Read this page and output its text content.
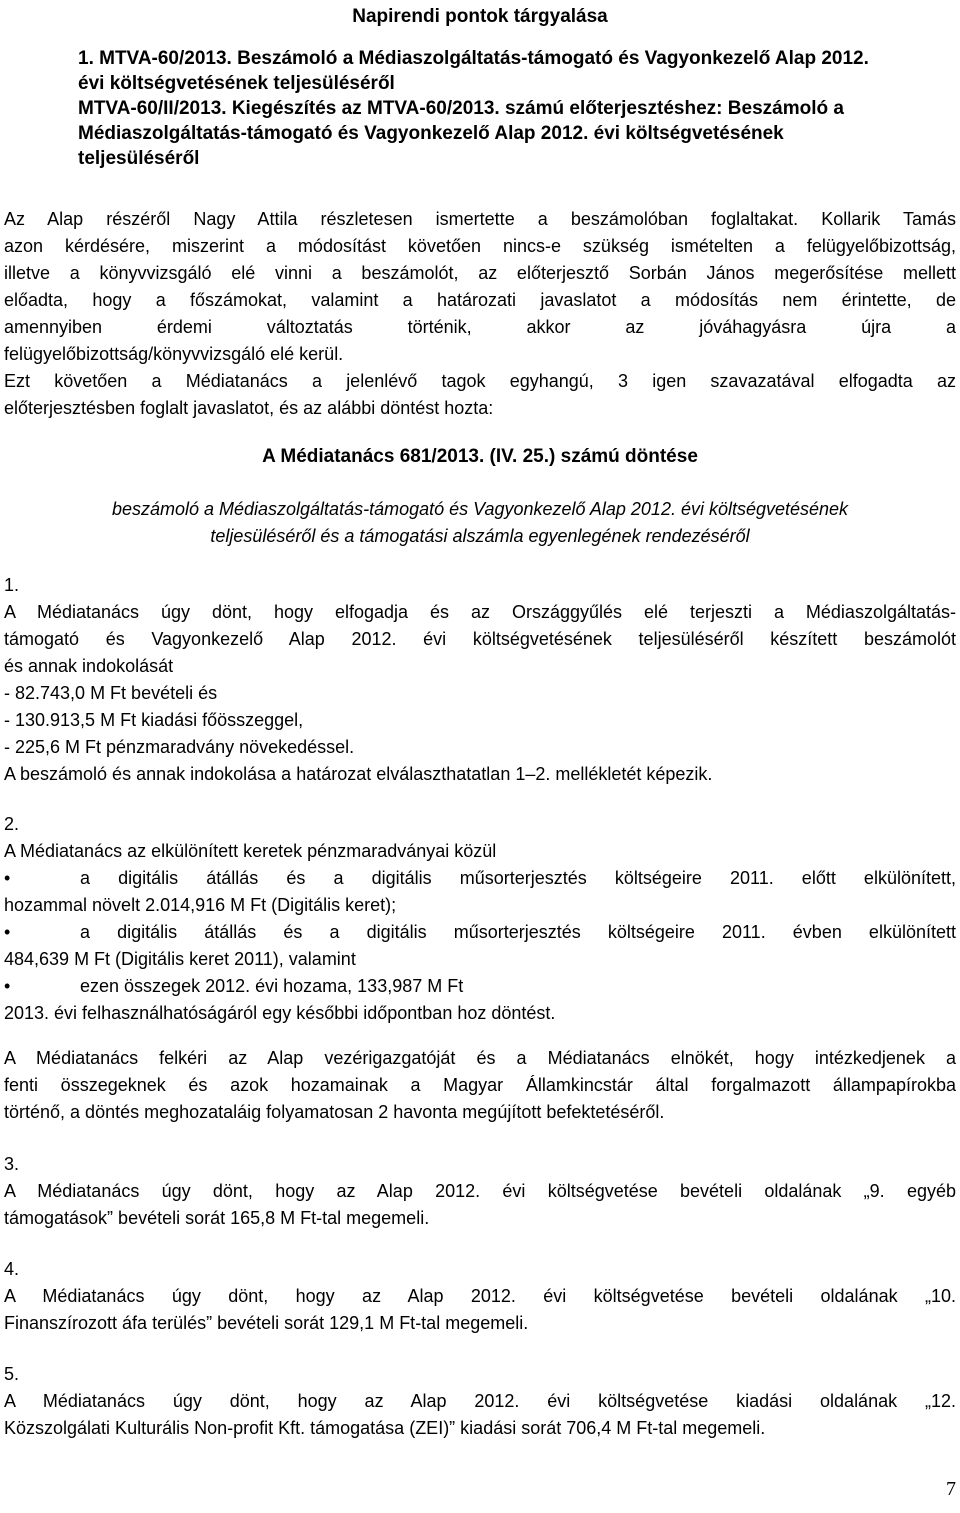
Napirendi pontok tárgyalása
1. MTVA-60/2013. Beszámoló a Médiaszolgáltatás-támogató és Vagyonkezelő Alap 2012.
évi költségvetésének teljesüléséről
MTVA-60/II/2013. Kiegészítés az MTVA-60/2013. számú előterjesztéshez: Beszámoló a
Médiaszolgáltatás-támogató és Vagyonkezelő Alap 2012. évi költségvetésének
teljesüléséről
Az Alap részéről Nagy Attila részletesen ismertette a beszámolóban foglaltakat. Kollarik Tamás
azon kérdésére, miszerint a módosítást követően nincs-e szükség ismételten a felügyelőbizottság,
illetve a könyvvizsgáló elé vinni a beszámolót, az előterjesztő Sorbán János megerősítése mellett
előadta, hogy a főszámokat, valamint a határozati javaslatot a módosítás nem érintette, de
amennyiben érdemi változtatás történik, akkor az jóváhagyásra újra a
felügyelőbizottság/könyvvizsgáló elé kerül.
Ezt követően a Médiatanács a jelenlévő tagok egyhangú, 3 igen szavazatával elfogadta az
előterjesztésben foglalt javaslatot, és az alábbi döntést hozta:
A Médiatanács 681/2013. (IV. 25.) számú döntése
beszámoló a Médiaszolgáltatás-támogató és Vagyonkezelő Alap 2012. évi költségvetésének
teljesüléséről és a támogatási alszámla egyenlegének rendezéséről
1.
A Médiatanács úgy dönt, hogy elfogadja és az Országgyűlés elé terjeszti a Médiaszolgáltatás-
támogató és Vagyonkezelő Alap 2012. évi költségvetésének teljesüléséről készített beszámolót
és annak indokolását
- 82.743,0 M Ft bevételi és
- 130.913,5 M Ft kiadási főösszeggel,
- 225,6 M Ft pénzmaradvány növekedéssel.
A beszámoló és annak indokolása a határozat elválaszthatatlan 1–2. mellékletét képezik.
2.
A Médiatanács az elkülönített keretek pénzmaradványai közül
•	a digitális átállás és a digitális műsorterjesztés költségeire 2011. előtt elkülönített,
hozammal növelt 2.014,916 M Ft (Digitális keret);
•	a digitális átállás és a digitális műsorterjesztés költségeire 2011. évben elkülönített
484,639 M Ft (Digitális keret 2011), valamint
•	ezen összegek 2012. évi hozama, 133,987 M Ft
2013. évi felhasználhatóságáról egy későbbi időpontban hoz döntést.
A Médiatanács felkéri az Alap vezérigazgatóját és a Médiatanács elnökét, hogy intézkedjenek a
fenti összegeknek és azok hozamainak a Magyar Államkincstár által forgalmazott állampapírokba
történő, a döntés meghozataláig folyamatosan 2 havonta megújított befektetéséről.
3.
A Médiatanács úgy dönt, hogy az Alap 2012. évi költségvetése bevételi oldalának „9. egyéb
támogatások” bevételi sorát 165,8 M Ft-tal megemeli.
4.
A Médiatanács úgy dönt, hogy az Alap 2012. évi költségvetése bevételi oldalának „10.
Finanszírozott áfa terülés” bevételi sorát 129,1 M Ft-tal megemeli.
5.
A Médiatanács úgy dönt, hogy az Alap 2012. évi költségvetése kiadási oldalának „12.
Közszolgálati Kulturális Non-profit Kft. támogatása (ZEI)” kiadási sorát 706,4 M Ft-tal megemeli.
7
